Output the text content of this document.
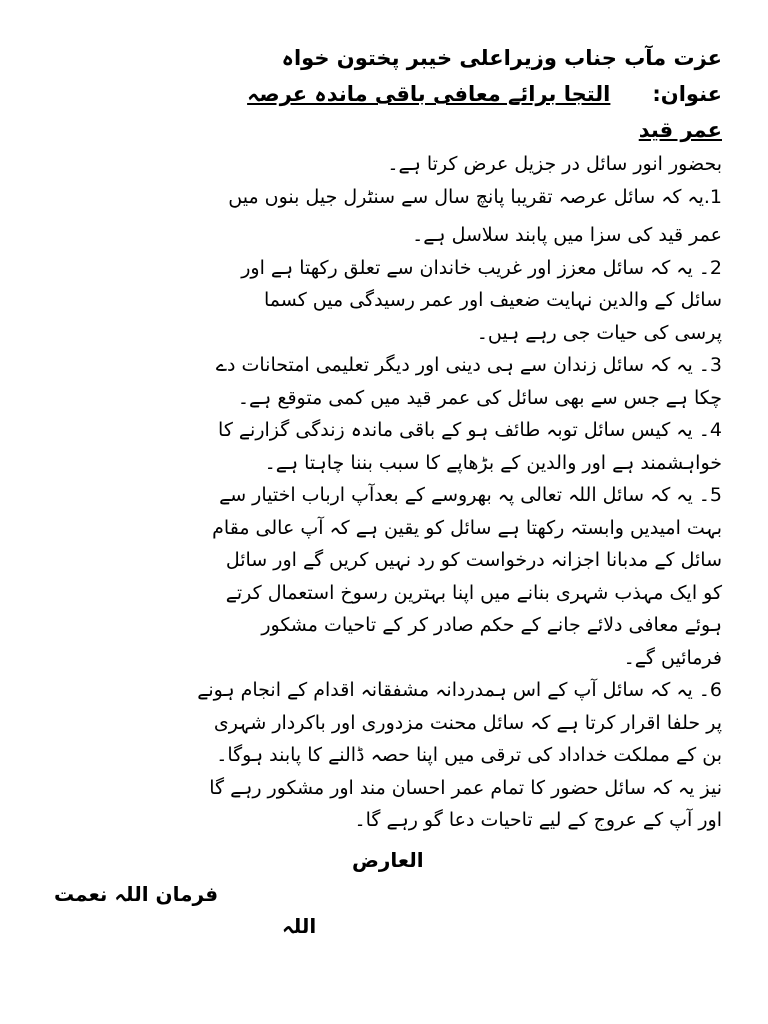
عزت مآب جناب وزیراعلی خیبر پختون خواہ
عنوان:التجا برائے معافی باقی ماندہ عرصہ
عمر قید
بحضور انور سائل در جزیل عرض کرتا ہے۔
1.یہ کہ سائل عرصہ تقریبا پانچ سال سے سنٹرل جیل بنوں میں
عمر قید کی سزا میں پابند سلاسل ہے۔
2۔ یہ کہ سائل معزز اور غریب خاندان سے تعلق رکھتا ہے اور
سائل کے والدین نہایت ضعیف اور عمر رسیدگی میں کسما
پرسی کی حیات جی رہے ہیں۔
3۔ یہ کہ سائل زندان سے ہی دینی اور دیگر تعلیمی امتحانات دے
چکا ہے جس سے بھی سائل کی عمر قید میں کمی متوقع ہے۔
4۔ یہ کیس سائل توبہ طائف ہو کے باقی ماندہ زندگی گزارنے کا
خواہشمند ہے اور والدین کے بڑھاپے کا سبب بننا چاہتا ہے۔
5۔ یہ کہ سائل اللہ تعالی پہ بھروسے کے بعدآپ ارباب اختیار سے
بہت امیدیں وابستہ رکھتا ہے سائل کو یقین ہے کہ آپ عالی مقام
سائل کے مدبانا اجزانہ درخواست کو رد نہیں کریں گے اور سائل
کو ایک مہذب شہری بنانے میں اپنا بہترین رسوخ استعمال کرتے
ہوئے معافی دلائے جانے کے حکم صادر کر کے تاحیات مشکور
فرمائیں گے۔
6۔ یہ کہ سائل آپ کے اس ہمدردانہ مشفقانہ اقدام کے انجام ہونے
پر حلفا اقرار کرتا ہے کہ سائل محنت مزدوری اور باکردار شہری
بن کے مملکت خداداد کی ترقی میں اپنا حصہ ڈالنے کا پابند ہوگا۔
نیز یہ کہ سائل حضور کا تمام عمر احسان مند اور مشکور رہے گا
اور آپ کے عروج کے لیے تاحیات دعا گو رہے گا۔
العارض
فرمان اللہ نعمت
اللہ
